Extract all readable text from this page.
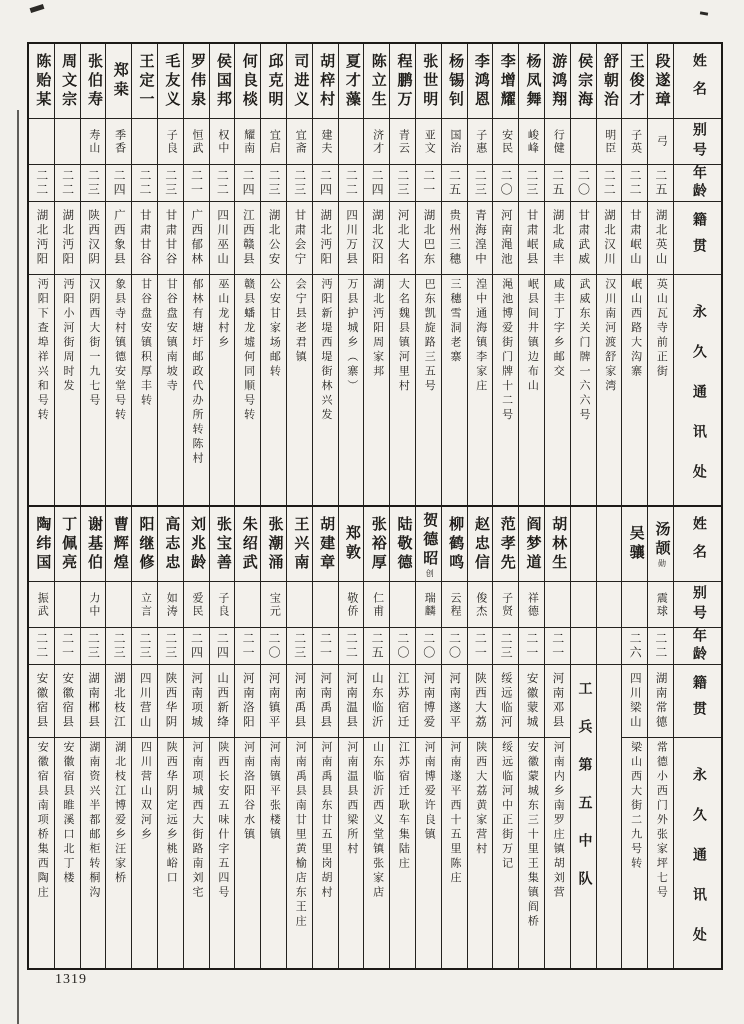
姓名
别号
年龄
籍贯
永久通讯处
段遂璋
弓
二五
湖北英山
英山瓦寺前正街
王俊才
子英
二二
甘肃岷山
岷山西路大沟寨
舒朝治
明臣
二二
湖北汉川
汉川南河渡舒家湾
侯宗海
二〇
甘肃武威
武威东关门牌一六六号
游鸿翔
行健
二五
湖北咸丰
咸丰丁字乡邮交
杨凤舞
峻峰
二三
甘肃岷县
岷县间井镇边布山
李增耀
安民
二〇
河南渑池
渑池博爱街门牌十二号
李鸿恩
子惠
二三
青海湟中
湟中通海镇李家庄
杨锡钊
国治
二五
贵州三穗
三穗雪洞老寨
张世明
亚文
二一
湖北巴东
巴东凯旋路三五号
程鹏万
青云
二三
河北大名
大名魏县镇河里村
陈立生
济才
二四
湖北汉阳
湖北沔阳周家邦
夏才藻
二二
四川万县
万县护城乡（寨）
胡梓村
建夫
二四
湖北沔阳
沔阳新堤西堤街林兴发
司进义
宜斋
二三
甘肃会宁
会宁县老君镇
邱克明
宜启
二三
湖北公安
公安甘家场邮转
何良棪
耀南
二四
江西赣县
赣县蟠龙墟何同顺号转
侯国邦
权中
二二
四川巫山
巫山龙村乡
罗伟泉
恒武
二一
广西郁林
郁林有塘圩邮政代办所转陈村
毛友义
子良
二三
甘肃甘谷
甘谷盘安镇南坡寺
王定一
二二
甘肃甘谷
甘谷盘安镇积厚丰转
郑桒
季香
二四
广西象县
象县寺村镇德安堂号转
张伯寿
寿山
二三
陕西汉阴
汉阴西大街一九七号
周文宗
二二
湖北沔阳
沔阳小河街周时发
陈贻某
二二
湖北沔阳
沔阳下查埠祥兴和号转
姓名
别号
年龄
籍贯
永久通讯处
汤颉勋
震球
二二
湖南常德
常德小西门外张家坪七号
吴骧
二六
四川梁山
梁山西大街二九号转
工兵第五中队
胡林生
二一
河南邓县
河南内乡南罗庄镇胡刘营
阎梦道
祥德
二一
安徽蒙城
安徽蒙城东三十里王集镇阎桥
范孝先
子贤
二三
绥远临河
绥远临河中正街万记
赵忠信
俊杰
二一
陕西大荔
陕西大荔黄家营村
柳鹤鸣
云程
二〇
河南遂平
河南遂平西十五里陈庄
贺德昭创
瑞麟
二〇
河南博爱
河南博爱许良镇
陆敬德
二〇
江苏宿迁
江苏宿迁耿车集陆庄
张裕厚
仁甫
二五
山东临沂
山东临沂西义堂镇张家店
郑敦
敬侨
二二
河南温县
河南温县西梁所村
胡建章
二一
河南禹县
河南禹县东廿五里岗胡村
王兴南
二三
河南禹县
河南禹县南廿里黄榆店东王庄
张潮涌
宝元
二〇
河南镇平
河南镇平张楼镇
朱绍武
二一
河南洛阳
河南洛阳谷水镇
张宝善
子良
二四
山西新绛
陕西长安五味什字五四号
刘兆龄
爱民
二四
河南项城
河南项城西大街路南刘宅
高志忠
如涛
二三
陕西华阴
陕西华阴定远乡桃峪口
阳继修
立言
二三
四川营山
四川营山双河乡
曹辉煌
二三
湖北枝江
湖北枝江博爱乡汪家桥
谢基伯
力中
二三
湖南郴县
湖南资兴半都邮柜转桐沟
丁佩亮
二一
安徽宿县
安徽宿县睢溪口北丁楼
陶纬国
振武
二二
安徽宿县
安徽宿县南项桥集西陶庄
1319
